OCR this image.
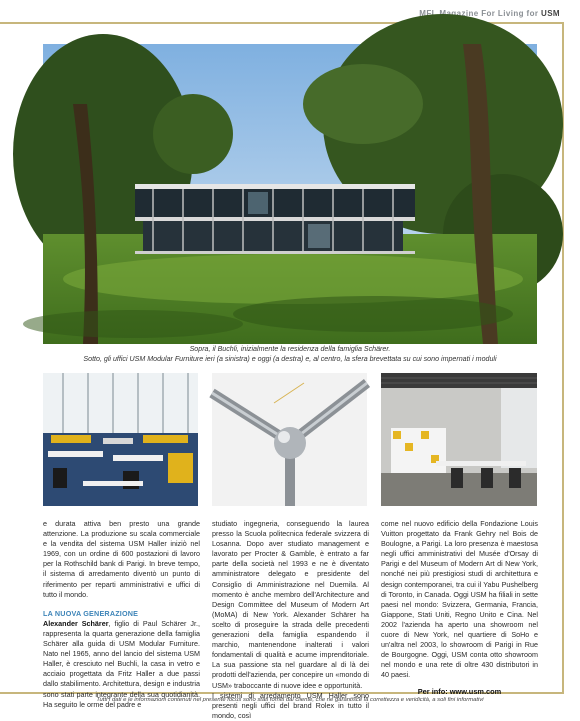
MFL Magazine For Living for USM
Sopra, il Buchli, inizialmente la residenza della famiglia Schärer.
Sotto, gli uffici USM Modular Furniture ieri (a sinistra) e oggi (a destra) e, al centro, la sfera brevettata su cui sono impernati i moduli

e durata attiva ben presto una grande attenzione. La produzione su scala commerciale e la vendita del sistema USM Haller iniziò nel 1969, con un ordine di 600 postazioni di lavoro per la Rothschild bank di Parigi. In breve tempo, il sistema di arredamento diventò un punto di riferimento per reparti amministrativi e uffici di tutto il mondo.

LA NUOVA GENERAZIONE

Alexander Schärer, figlio di Paul Schärer Jr., rappresenta la quarta generazione della famiglia Schärer alla guida di USM Modular Furniture. Nato nel 1965, anno del lancio del sistema USM Haller, è cresciuto nel Buchli, la casa in vetro e acciaio progettata da Fritz Haller a due passi dallo stabilimento. Architettura, design e industria sono stati parte integrante della sua quotidianità. Ha seguito le orme del padre e

studiato ingegneria, conseguendo la laurea presso la Scuola politecnica federale svizzera di Losanna. Dopo aver studiato management e lavorato per Procter & Gamble, è entrato a far parte della società nel 1993 e ne è diventato amministratore delegato e presidente del Consiglio di Amministrazione nel Duemila. Al momento è anche membro dell'Architecture and Design Committee del Museum of Modern Art (MoMA) di New York. Alexander Schärer ha scelto di proseguire la strada delle precedenti generazioni della famiglia espandendo il marchio, mantenendone inalterati i valori fondamentali di qualità e acume imprenditoriale. La sua passione sta nel guardare al di là dei prodotti dell'azienda, per concepire un «mondo di USM» traboccante di nuove idee e opportunità.

I sistemi di arredamento USM Haller sono presenti negli uffici del brand Rolex in tutto il mondo, così

come nel nuovo edificio della Fondazione Louis Vuitton progettato da Frank Gehry nel Bois de Boulogne, a Parigi. La loro presenza è maestosa negli uffici amministrativi del Musée d'Orsay di Parigi e del Museum of Modern Art di New York, nonché nei più prestigiosi studi di architettura e design contemporanei, tra cui il Yabu Pushelberg di Toronto, in Canada. Oggi USM ha filiali in sette paesi nel mondo: Svizzera, Germania, Francia, Giappone, Stati Uniti, Regno Unito e Cina. Nel 2002 l'azienda ha aperto una showroom nel cuore di New York, nel quartiere di SoHo e un'altra nel 2003, lo showroom di Parigi in Rue de Bourgogne. Oggi, USM conta otto showroom nel mondo e una rete di oltre 430 distributori in 40 paesi.

Per info: www.usm.com
Tutti i dati e le informazioni contenuti nel presente focus sono stati forniti dal cliente, che ne garantisce la correttezza e veridicità, a soli fini informativi
